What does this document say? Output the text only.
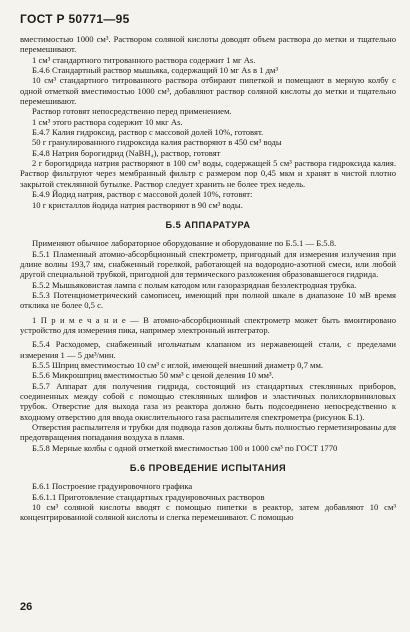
ГОСТ Р 50771—95

вместимостью 1000 см³. Раствором соляной кислоты доводят объем раствора до метки и тщательно перемешивают.

1 см³ стандартного титрованного раствора содержит 1 мг As.

Б.4.6 Стандартный раствор мышьяка, содержащий 10 мг As в 1 дм³

10 см³ стандартного титрованного раствора отбирают пипеткой и помещают в мерную колбу с одной отметкой вместимостью 1000 см³, добавляют раствор соляной кислоты до метки и тщательно перемешивают.

Раствор готовят непосредственно перед применением.

1 см³ этого раствора содержит 10 мкг As.

Б.4.7 Калия гидроксид, раствор с массовой долей 10%, готовят.

50 г гранулированного гидроксида калия растворяют в 450 см³ воды

Б.4.8 Натрия борогидрид (NaBH₄), раствор, готовят

2 г борогидрида натрия растворяют в 100 см³ воды, содержащей 5 см³ раствора гидроксида калия. Раствор фильтруют через мембранный фильтр с размером пор 0,45 мкм и хранят в чистой плотно закрытой стеклянной бутылке. Раствор следует хранить не более трех недель.

Б.4.9 Йодид натрия, раствор с массовой долей 10%, готовят:

10 г кристаллов йодида натрия растворяют в 90 см³ воды.

Б.5 АППАРАТУРА

Применяют обычное лабораторное оборудование и оборудование по Б.5.1 — Б.5.8.

Б.5.1 Пламенный атомно-абсорбционный спектрометр, пригодный для измерения излучения при длине волны 193,7 нм, снабженный горелкой, работающей на водородно-азотной смеси, или любой другой специальной трубкой, пригодной для термического разложения образовавшегося гидрида.

Б.5.2 Мышьяковистая лампа с полым катодом или газоразрядная безэлектродная трубка.

Б.5.3 Потенциометрический самописец, имеющий при полной шкале в диапазоне 10 мВ время отклика не более 0,5 с.

1 П р и м е ч а н и е — В атомно-абсорбционный спектрометр может быть вмонтировано устройство для измерения пика, например электронный интегратор.

Б.5.4 Расходомер, снабженный игольчатым клапаном из нержавеющей стали, с пределами измерения 1 — 5 дм³/мин.

Б.5.5 Шприц вместимостью 10 см³ с иглой, имеющей внешний диаметр 0,7 мм.

Б.5.6 Микрошприц вместимостью 50 мм³ с ценой деления 10 мм³.

Б.5.7 Аппарат для получения гидрида, состоящий из стандартных стеклянных приборов, соединенных между собой с помощью стеклянных шлифов и эластичных полихлорвиниловых трубок. Отверстие для выхода газа из реактора должно быть подсоединено непосредственно к входному отверстию для ввода окислительного газа распылителя спектрометра (рисунок Б.1).

Отверстия распылителя и трубки для подвода газов должны быть полностью герметизированы для предотвращения попадания воздуха в пламя.

Б.5.8 Мерные колбы с одной отметкой вместимостью 100 и 1000 см³ по ГОСТ 1770

Б.6 ПРОВЕДЕНИЕ ИСПЫТАНИЯ

Б.6.1 Построение градуировочного графика

Б.6.1.1 Приготовление стандартных градуировочных растворов

10 см³ соляной кислоты вводят с помощью пипетки в реактор, затем добавляют 10 см³ концентрированной соляной кислоты и слегка перемешивают. С помощью

26
